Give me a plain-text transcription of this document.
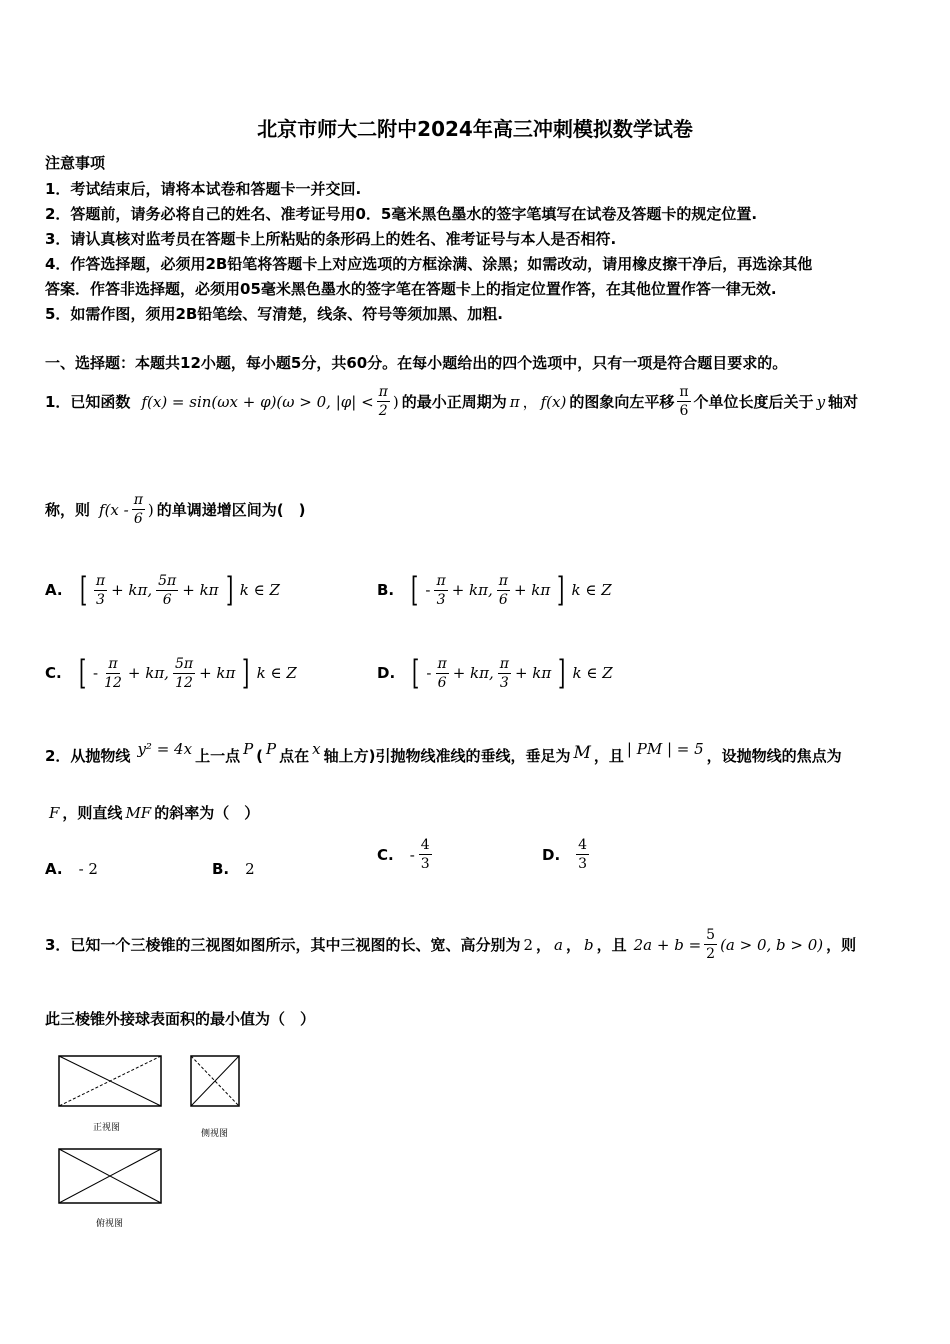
北京市师大二附中2024年高三冲刺模拟数学试卷
注意事项
1．考试结束后，请将本试卷和答题卡一并交回.
2．答题前，请务必将自己的姓名、准考证号用0．5毫米黑色墨水的签字笔填写在试卷及答题卡的规定位置.
3．请认真核对监考员在答题卡上所粘贴的条形码上的姓名、准考证号与本人是否相符.
4．作答选择题，必须用2B铅笔将答题卡上对应选项的方框涂满、涂黑；如需改动，请用橡皮擦干净后，再选涂其他
答案．作答非选择题，必须用05毫米黑色墨水的签字笔在答题卡上的指定位置作答，在其他位置作答一律无效.
5．如需作图，须用2B铅笔绘、写清楚，线条、符号等须加黑、加粗.
一、选择题：本题共12小题，每小题5分，共60分。在每小题给出的四个选项中，只有一项是符合题目要求的。
1．已知函数 f(x) = sin(ωx + φ)(ω > 0, $|\varphi| < \frac{\pi}{2}$ ) 的最小正周期为 π ， f(x) 的图象向左平移 $\frac{\pi}{6}$ 个单位长度后关于 y 轴对
称，则 $f(x - \frac{\pi}{6}$ ) 的单调递增区间为(　)
A. [ $\frac{\pi}{3} + k\pi$, $\frac{5\pi}{6} + k\pi$ ] k ∈ Z	B. [ - $\frac{\pi}{3} + k\pi$, $\frac{\pi}{6} + k\pi$ ] k ∈ Z
C. [ - $\frac{\pi}{12} + k\pi$, $\frac{5\pi}{12} + k\pi$ ] k ∈ Z	D. [ - $\frac{\pi}{6} + k\pi$, $\frac{\pi}{3} + k\pi$ ] k ∈ Z
2．从抛物线 y² = 4x 上一点 P ( P 点在 x 轴上方)引抛物线准线的垂线，垂足为 M ，且 | PM | = 5 ，设抛物线的焦点为
F ，则直线 MF 的斜率为（　）
A. - 2	B. 2
C. - $\frac{4}{3}$	D. $\frac{4}{3}$
3．已知一个三棱锥的三视图如图所示，其中三视图的长、宽、高分别为 2 ， a ， b ，且 $2a + b = \frac{5}{2} (a > 0$, b > 0) ，则
此三棱锥外接球表面积的最小值为（　）
正视图
侧视图
俯视图
